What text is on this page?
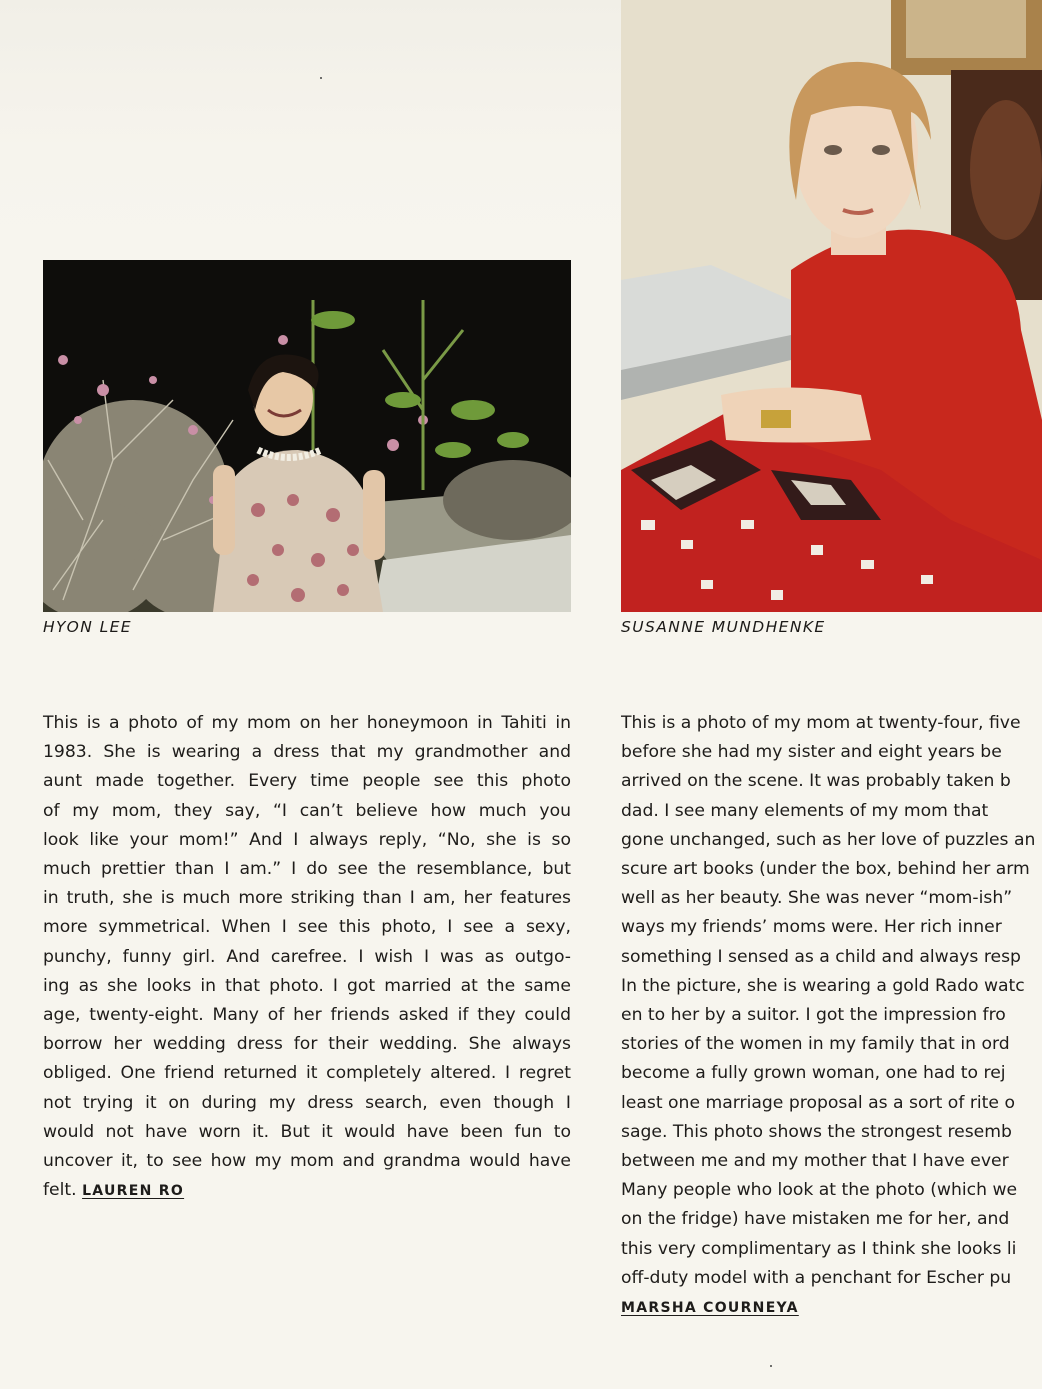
HYON LEE	SUSANNE MUNDHENKE
This is a photo of my mom on her honeymoon in Tahiti in
1983. She is wearing a dress that my grandmother and
aunt made together. Every time people see this photo
of my mom, they say, “I can’t believe how much you
look like your mom!” And I always reply, “No, she is so
much prettier than I am.” I do see the resemblance, but
in truth, she is much more striking than I am, her features
more symmetrical. When I see this photo, I see a sexy,
punchy, funny girl. And carefree. I wish I was as outgo-
ing as she looks in that photo. I got married at the same
age, twenty-eight. Many of her friends asked if they could
borrow her wedding dress for their wedding. She always
obliged. One friend returned it completely altered. I regret
not trying it on during my dress search, even though I
would not have worn it. But it would have been fun to
uncover it, to see how my mom and grandma would have
felt. LAUREN RO
This is a photo of my mom at twenty-four, five
before she had my sister and eight years be
arrived on the scene. It was probably taken b
dad. I see many elements of my mom that
gone unchanged, such as her love of puzzles an
scure art books (under the box, behind her arm
well as her beauty. She was never “mom-ish”
ways my friends’ moms were. Her rich inner
something I sensed as a child and always resp
In the picture, she is wearing a gold Rado watc
en to her by a suitor. I got the impression fro
stories of the women in my family that in ord
become a fully grown woman, one had to rej
least one marriage proposal as a sort of rite o
sage. This photo shows the strongest resemb
between me and my mother that I have ever
Many people who look at the photo (which we
on the fridge) have mistaken me for her, and
this very complimentary as I think she looks li
off-duty model with a penchant for Escher pu
MARSHA COURNEYA
